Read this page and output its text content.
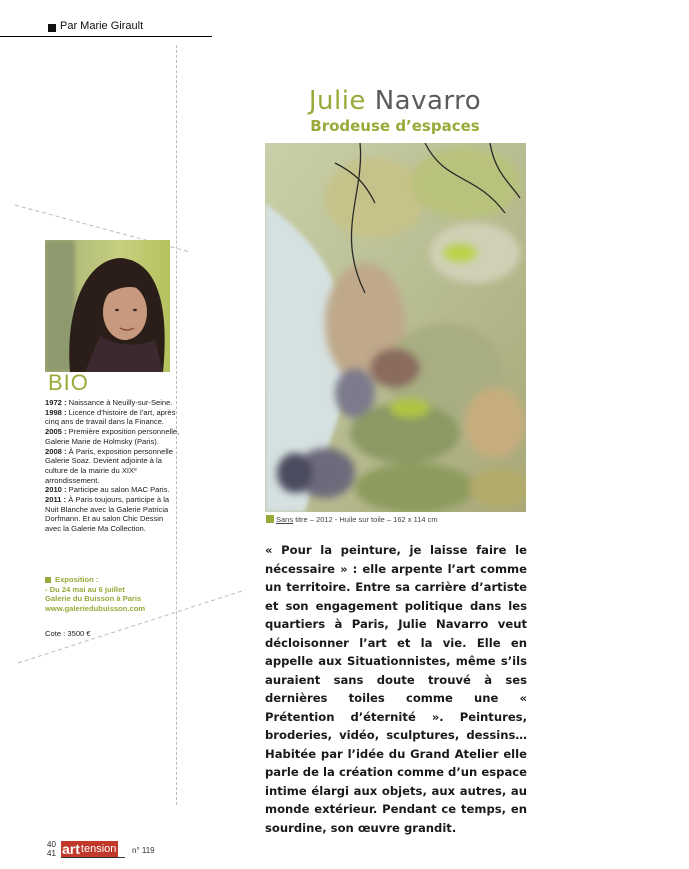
Par Marie Girault
Julie Navarro
Brodeuse d’espaces
Sans titre – 2012 - Huile sur toile – 162 x 114 cm
BIO

1972 : Naissance à Neuilly-sur-Seine.

1998 : Licence d’histoire de l’art, après cinq ans de travail dans la Finance.

2005 : Première exposition personnelle, Galerie Marie de Holmsky (Paris).

2008 : À Paris, exposition personnelle Galerie Soaz. Devient adjointe à la culture de la mairie du XIXᵉ arrondissement.

2010 : Participe au salon MAC Paris.

2011 : À Paris toujours, participe à la Nuit Blanche avec la Galerie Patricia Dorfmann. Et au salon Chic Dessin avec la Galerie Ma Collection.

Exposition :
- Du 24 mai au 6 juillet
Galerie du Buisson à Paris
www.galeriedubuisson.com
Cote : 3500 €
« Pour la peinture, je laisse faire le nécessaire » : elle arpente l’art comme un territoire. Entre sa carrière d’artiste et son engagement politique dans les quartiers à Paris, Julie Navarro veut décloisonner l’art et la vie. Elle en appelle aux Situationnistes, même s’ils auraient sans doute trouvé à ses dernières toiles comme une « Prétention d’éternité ». Peintures, broderies, vidéo, sculptures, dessins… Habitée par l’idée du Grand Atelier elle parle de la création comme d’un espace intime élargi aux objets, aux autres, au monde extérieur. Pendant ce temps, en sourdine, son œuvre grandit.
40
41 art tension n° 119
